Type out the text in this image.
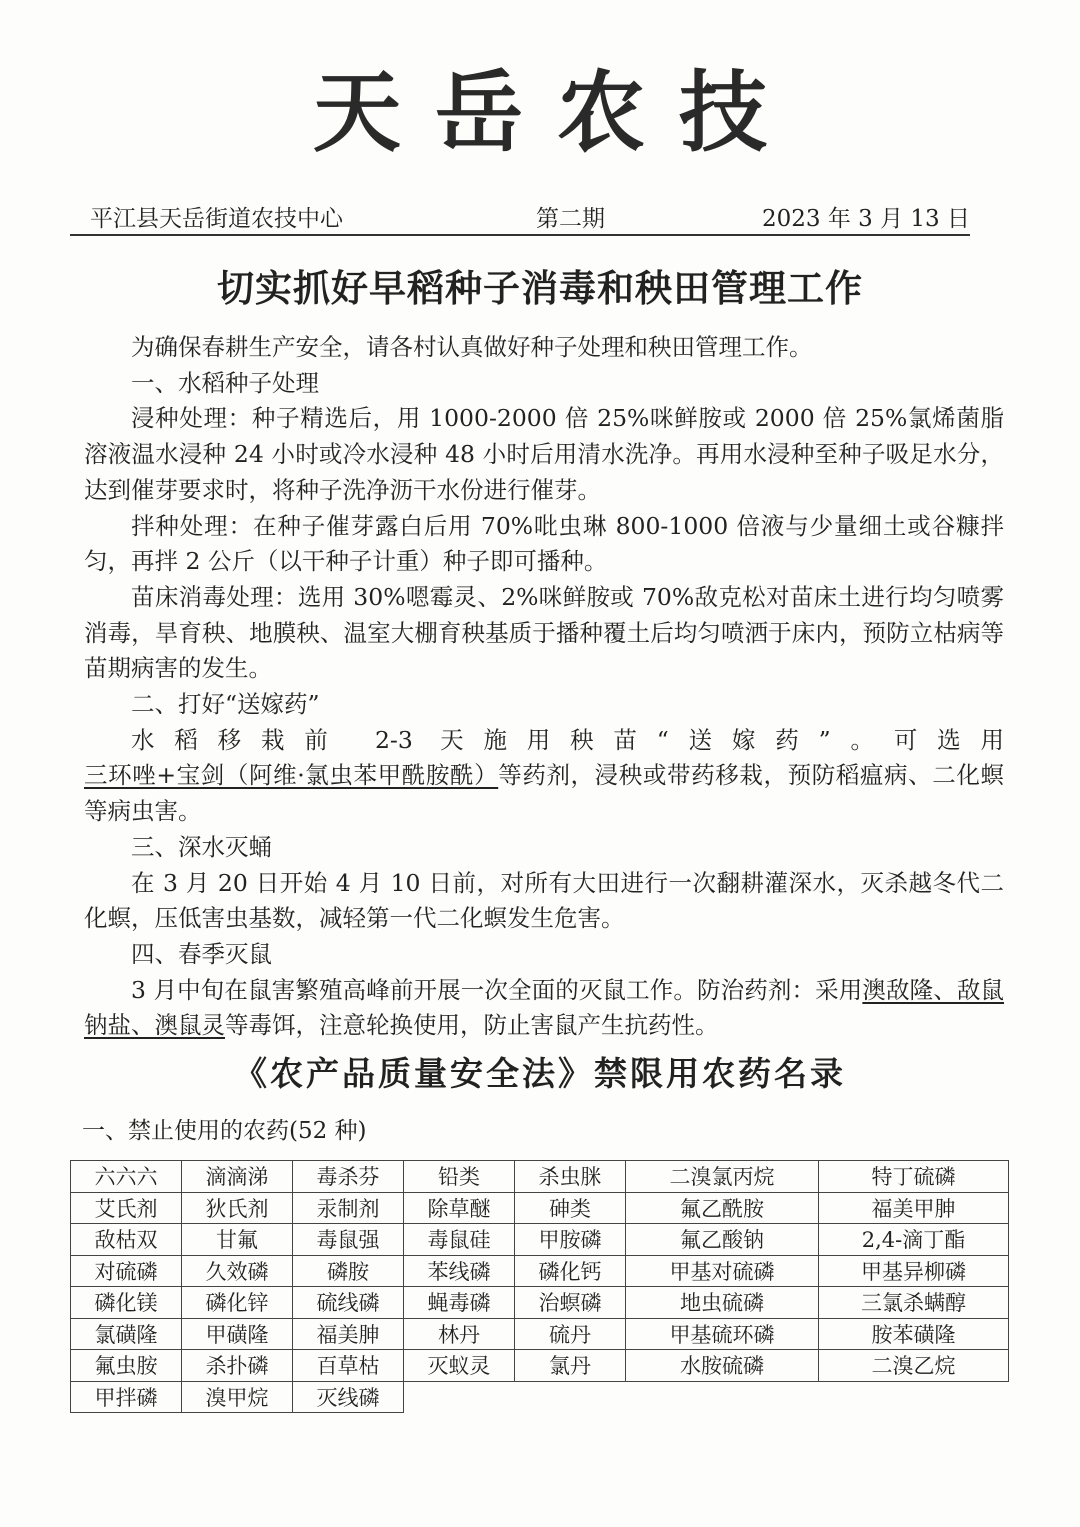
天岳农技
平江县天岳街道农技中心	第二期	2023 年 3 月 13 日
切实抓好早稻种子消毒和秧田管理工作

为确保春耕生产安全，请各村认真做好种子处理和秧田管理工作。

一、水稻种子处理

浸种处理：种子精选后，用 1000-2000 倍 25%咪鲜胺或 2000 倍 25%氯烯菌脂溶液温水浸种 24 小时或冷水浸种 48 小时后用清水洗净。再用水浸种至种子吸足水分，达到催芽要求时，将种子洗净沥干水份进行催芽。

拌种处理：在种子催芽露白后用 70%吡虫琳 800-1000 倍液与少量细土或谷糠拌匀，再拌 2 公斤（以干种子计重）种子即可播种。

苗床消毒处理：选用 30%嗯霉灵、2%咪鲜胺或 70%敌克松对苗床土进行均匀喷雾消毒，旱育秧、地膜秧、温室大棚育秧基质于播种覆土后均匀喷洒于床内，预防立枯病等苗期病害的发生。

二、打好“送嫁药”

水稻移栽前 2-3 天施用秧苗“送嫁药”。可选用三环唑+宝剑（阿维·氯虫苯甲酰胺酰）等药剂，浸秧或带药移栽，预防稻瘟病、二化螟等病虫害。

三、深水灭蛹

在 3 月 20 日开始 4 月 10 日前，对所有大田进行一次翻耕灌深水，灭杀越冬代二化螟，压低害虫基数，减轻第一代二化螟发生危害。

四、春季灭鼠

3 月中旬在鼠害繁殖高峰前开展一次全面的灭鼠工作。防治药剂：采用澳敌隆、敌鼠钠盐、澳鼠灵等毒饵，注意轮换使用，防止害鼠产生抗药性。

《农产品质量安全法》禁限用农药名录
一、禁止使用的农药(52 种)
六六六	滴滴涕	毒杀芬	铅类	杀虫脒	二溴氯丙烷	特丁硫磷
艾氏剂	狄氏剂	汞制剂	除草醚	砷类	氟乙酰胺	福美甲胂
敌枯双	甘氟	毒鼠强	毒鼠硅	甲胺磷	氟乙酸钠	2,4-滴丁酯
对硫磷	久效磷	磷胺	苯线磷	磷化钙	甲基对硫磷	甲基异柳磷
磷化镁	磷化锌	硫线磷	蝇毒磷	治螟磷	地虫硫磷	三氯杀螨醇
氯磺隆	甲磺隆	福美胂	林丹	硫丹	甲基硫环磷	胺苯磺隆
氟虫胺	杀扑磷	百草枯	灭蚁灵	氯丹	水胺硫磷	二溴乙烷
甲拌磷	溴甲烷	灭线磷				
